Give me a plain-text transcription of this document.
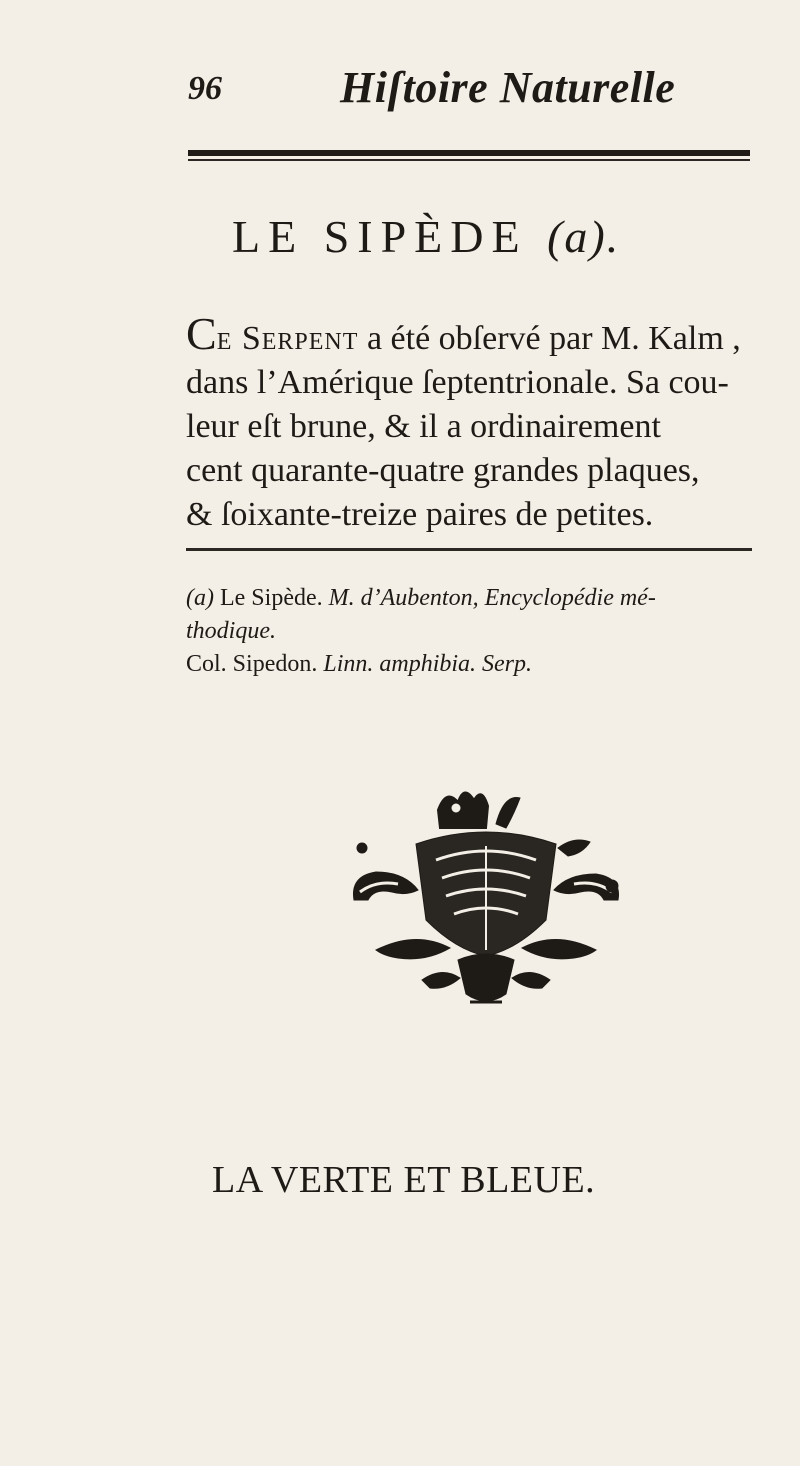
96	Hiſtoire Naturelle
LE SIPÈDE (a).
Ce Serpent a été obſervé par M. Kalm ,
dans l’Amérique ſeptentrionale. Sa cou-
leur eſt brune, & il a ordinairement
cent quarante-quatre grandes plaques,
& ſoixante-treize paires de petites.
(a) Le Sipède. M. d’Aubenton, Encyclopédie mé-
thodique.
Col. Sipedon. Linn. amphibia. Serp.
LA VERTE ET BLEUE.
